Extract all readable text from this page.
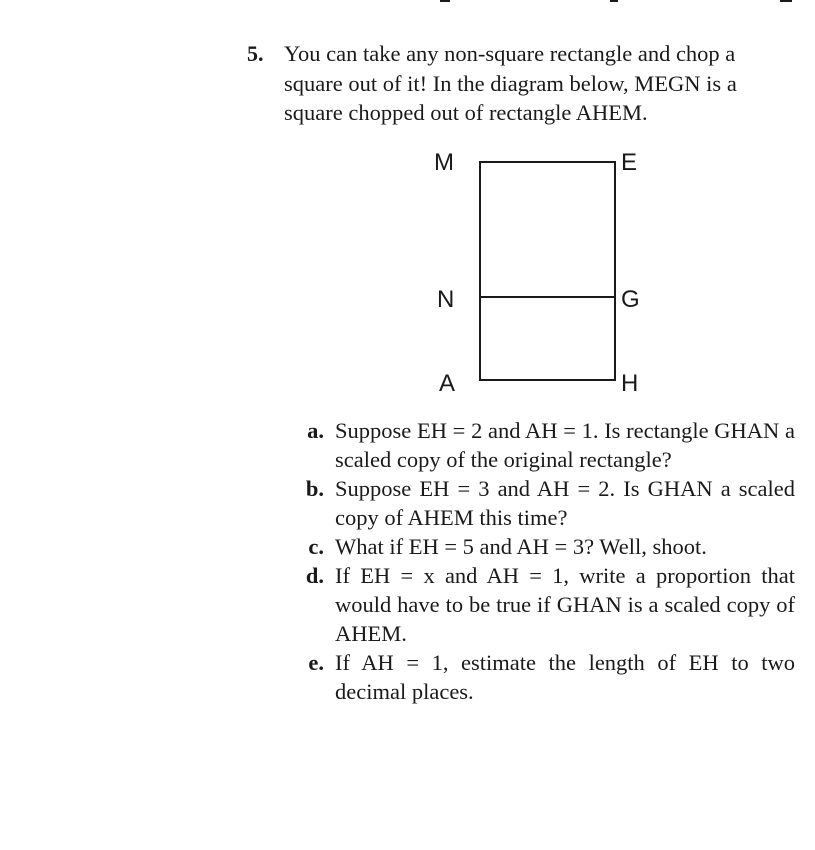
5. You can take any non-square rectangle and chop a square out of it! In the diagram below, MEGN is a square chopped out of rectangle AHEM.
M	E
N	G
A	H
a. Suppose EH = 2 and AH = 1. Is rectangle GHAN a scaled copy of the original rectangle?
b. Suppose EH = 3 and AH = 2. Is GHAN a scaled copy of AHEM this time?
c. What if EH = 5 and AH = 3? Well, shoot.
d. If EH = x and AH = 1, write a proportion that would have to be true if GHAN is a scaled copy of AHEM.
e. If AH = 1, estimate the length of EH to two decimal places.
